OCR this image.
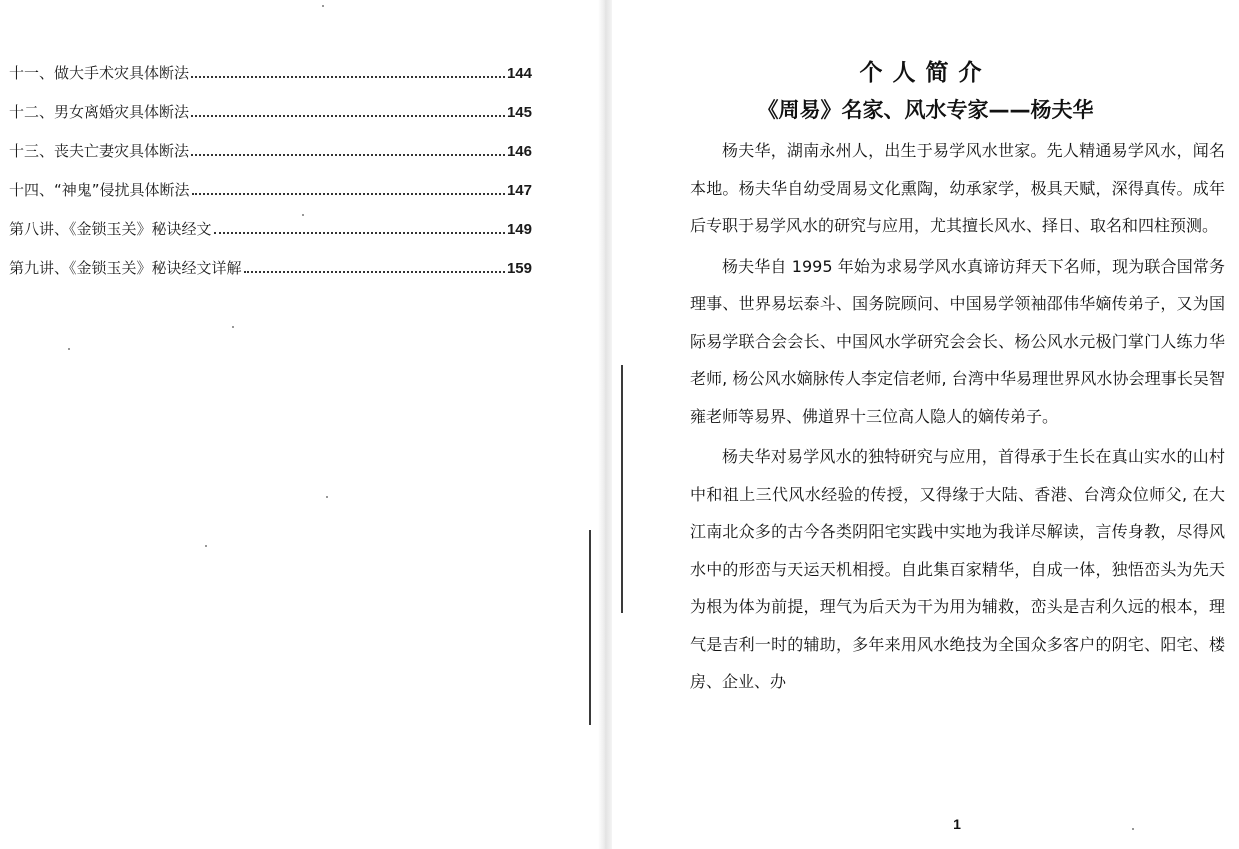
十一、做大手术灾具体断法	144
十二、男女离婚灾具体断法	145
十三、丧夫亡妻灾具体断法	146
十四、“神鬼”侵扰具体断法	147
第八讲、《金锁玉关》秘诀经文	149
第九讲、《金锁玉关》秘诀经文详解	159
个人简介
《周易》名家、风水专家——杨夫华

杨夫华，湖南永州人，出生于易学风水世家。先人精通易学风水，闻名本地。杨夫华自幼受周易文化熏陶，幼承家学，极具天赋，深得真传。成年后专职于易学风水的研究与应用，尤其擅长风水、择日、取名和四柱预测。

杨夫华自 1995 年始为求易学风水真谛访拜天下名师，现为联合国常务理事、世界易坛泰斗、国务院顾问、中国易学领袖邵伟华嫡传弟子，又为国际易学联合会会长、中国风水学研究会会长、杨公风水元极门掌门人练力华老师, 杨公风水嫡脉传人李定信老师, 台湾中华易理世界风水协会理事长吴智雍老师等易界、佛道界十三位高人隐人的嫡传弟子。

杨夫华对易学风水的独特研究与应用，首得承于生长在真山实水的山村中和祖上三代风水经验的传授，又得缘于大陆、香港、台湾众位师父, 在大江南北众多的古今各类阴阳宅实践中实地为我详尽解读，言传身教，尽得风水中的形峦与天运天机相授。自此集百家精华，自成一体，独悟峦头为先天为根为体为前提，理气为后天为干为用为辅救，峦头是吉利久远的根本，理气是吉利一时的辅助，多年来用风水绝技为全国众多客户的阴宅、阳宅、楼房、企业、办

1
